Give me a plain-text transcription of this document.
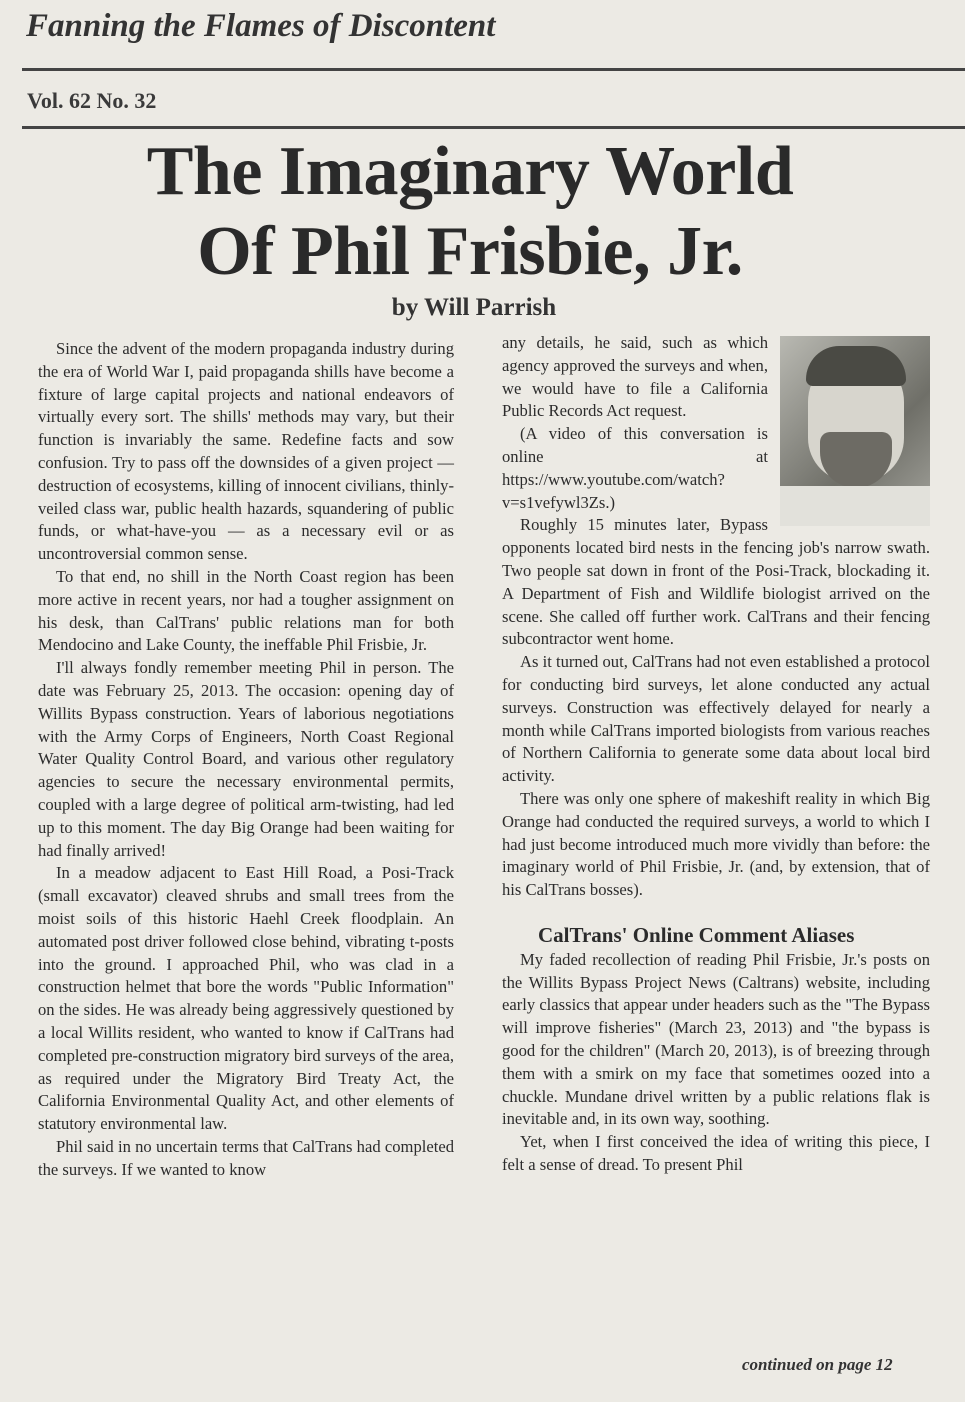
Fanning the Flames of Discontent
Vol. 62 No. 32
The Imaginary World
Of Phil Frisbie, Jr.
by Will Parrish

Since the advent of the modern propaganda industry during the era of World War I, paid propaganda shills have become a fixture of large capital projects and national endeavors of virtually every sort. The shills' methods may vary, but their function is invariably the same. Redefine facts and sow confusion. Try to pass off the downsides of a given project — destruction of ecosystems, killing of innocent civilians, thinly-veiled class war, public health hazards, squandering of public funds, or what-have-you — as a necessary evil or as uncontroversial common sense.

To that end, no shill in the North Coast region has been more active in recent years, nor had a tougher assignment on his desk, than CalTrans' public relations man for both Mendocino and Lake County, the ineffable Phil Frisbie, Jr.

I'll always fondly remember meeting Phil in person. The date was February 25, 2013. The occasion: opening day of Willits Bypass construction. Years of laborious negotiations with the Army Corps of Engineers, North Coast Regional Water Quality Control Board, and various other regulatory agencies to secure the necessary environmental permits, coupled with a large degree of political arm-twisting, had led up to this moment. The day Big Orange had been waiting for had finally arrived!

In a meadow adjacent to East Hill Road, a Posi-Track (small excavator) cleaved shrubs and small trees from the moist soils of this historic Haehl Creek floodplain. An automated post driver followed close behind, vibrating t-posts into the ground. I approached Phil, who was clad in a construction helmet that bore the words "Public Information" on the sides. He was already being aggressively questioned by a local Willits resident, who wanted to know if CalTrans had completed pre-construction migratory bird surveys of the area, as required under the Migratory Bird Treaty Act, the California Environmental Quality Act, and other elements of statutory environmental law.

Phil said in no uncertain terms that CalTrans had completed the surveys. If we wanted to know

any details, he said, such as which agency approved the surveys and when, we would have to file a California Public Records Act request.

(A video of this conversation is online at https://www.youtube.com/watch?v=s1vefywl3Zs.)

Roughly 15 minutes later, Bypass opponents located bird nests in the fencing job's narrow swath. Two people sat down in front of the Posi-Track, blockading it. A Department of Fish and Wildlife biologist arrived on the scene. She called off further work. CalTrans and their fencing subcontractor went home.

As it turned out, CalTrans had not even established a protocol for conducting bird surveys, let alone conducted any actual surveys. Construction was effectively delayed for nearly a month while CalTrans imported biologists from various reaches of Northern California to generate some data about local bird activity.

There was only one sphere of makeshift reality in which Big Orange had conducted the required surveys, a world to which I had just become introduced much more vividly than before: the imaginary world of Phil Frisbie, Jr. (and, by extension, that of his CalTrans bosses).

CalTrans' Online Comment Aliases

My faded recollection of reading Phil Frisbie, Jr.'s posts on the Willits Bypass Project News (Caltrans) website, including early classics that appear under headers such as the "The Bypass will improve fisheries" (March 23, 2013) and "the bypass is good for the children" (March 20, 2013), is of breezing through them with a smirk on my face that sometimes oozed into a chuckle. Mundane drivel written by a public relations flak is inevitable and, in its own way, soothing.

Yet, when I first conceived the idea of writing this piece, I felt a sense of dread. To present Phil

continued on page 12
